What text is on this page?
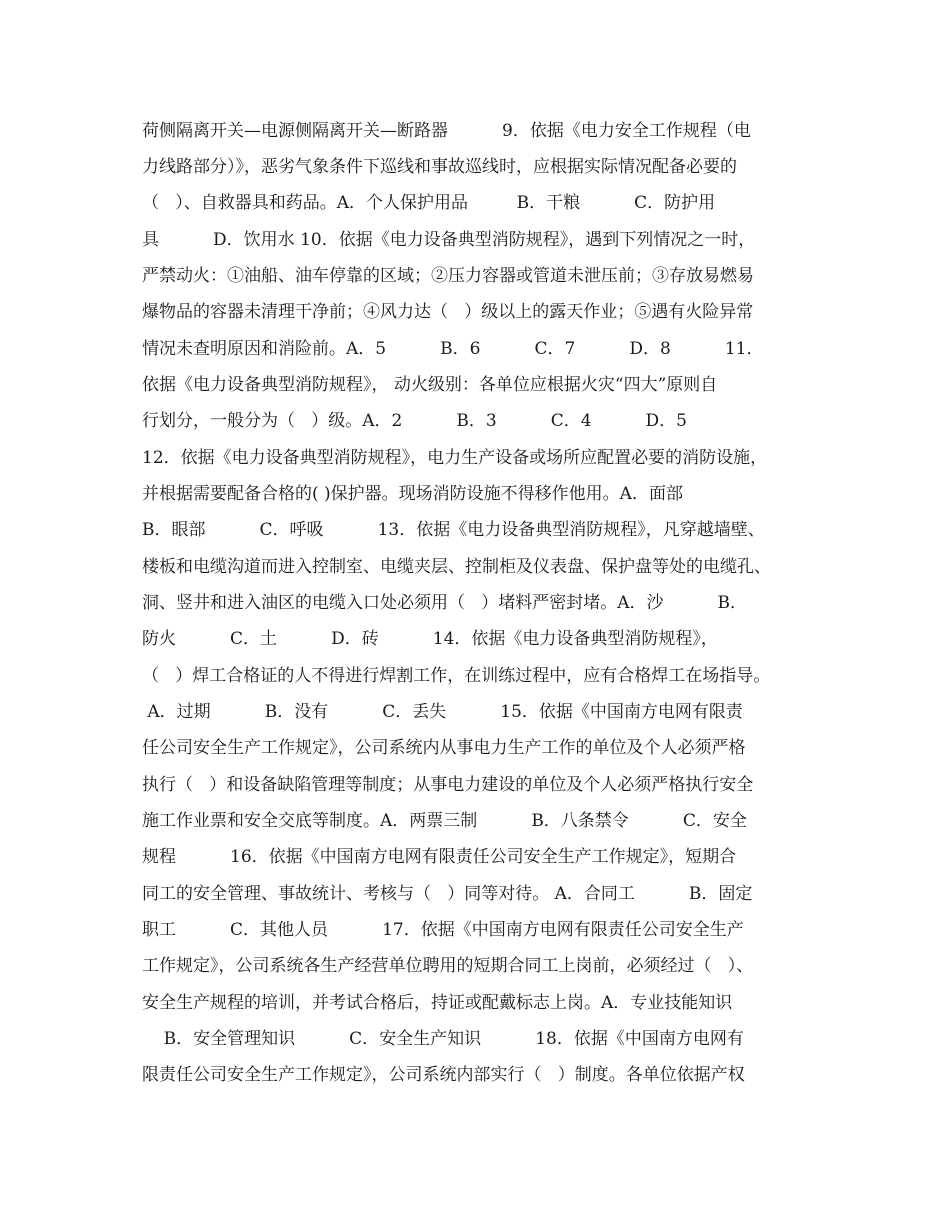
荷侧隔离开关—电源侧隔离开关—断路器          9．依据《电力安全工作规程（电
力线路部分）》，恶劣气象条件下巡线和事故巡线时，应根据实际情况配备必要的
（   ）、自救器具和药品。A．个人保护用品         B．干粮          C．防护用
具          D．饮用水 10．依据《电力设备典型消防规程》，遇到下列情况之一时，
严禁动火：①油船、油车停靠的区域；②压力容器或管道未泄压前；③存放易燃易
爆物品的容器未清理干净前；④风力达（   ）级以上的露天作业；⑤遇有火险异常
情况未查明原因和消险前。A．5          B．6          C．7          D．8          11．
依据《电力设备典型消防规程》， 动火级别：各单位应根据火灾“四大”原则自
行划分，一般分为（   ）级。A．2          B．3          C．4          D．5
12．依据《电力设备典型消防规程》，电力生产设备或场所应配置必要的消防设施，
并根据需要配备合格的( )保护器。现场消防设施不得移作他用。A．面部
B．眼部          C．呼吸          13．依据《电力设备典型消防规程》，凡穿越墙壁、
楼板和电缆沟道而进入控制室、电缆夹层、控制柜及仪表盘、保护盘等处的电缆孔、
洞、竖井和进入油区的电缆入口处必须用（   ）堵料严密封堵。A．沙          B．
防火          C．土          D．砖          14．依据《电力设备典型消防规程》，
（   ）焊工合格证的人不得进行焊割工作，在训练过程中，应有合格焊工在场指导。
A．过期          B．没有          C．丢失          15．依据《中国南方电网有限责
任公司安全生产工作规定》，公司系统内从事电力生产工作的单位及个人必须严格
执行（   ）和设备缺陷管理等制度；从事电力建设的单位及个人必须严格执行安全
施工作业票和安全交底等制度。A．两票三制          B．八条禁令          C．安全
规程          16．依据《中国南方电网有限责任公司安全生产工作规定》，短期合
同工的安全管理、事故统计、考核与（   ）同等对待。 A．合同工          B．固定
职工          C．其他人员          17．依据《中国南方电网有限责任公司安全生产
工作规定》，公司系统各生产经营单位聘用的短期合同工上岗前，必须经过（   ）、
安全生产规程的培训，并考试合格后，持证或配戴标志上岗。A．专业技能知识
B．安全管理知识          C．安全生产知识          18．依据《中国南方电网有
限责任公司安全生产工作规定》，公司系统内部实行（   ）制度。各单位依据产权
